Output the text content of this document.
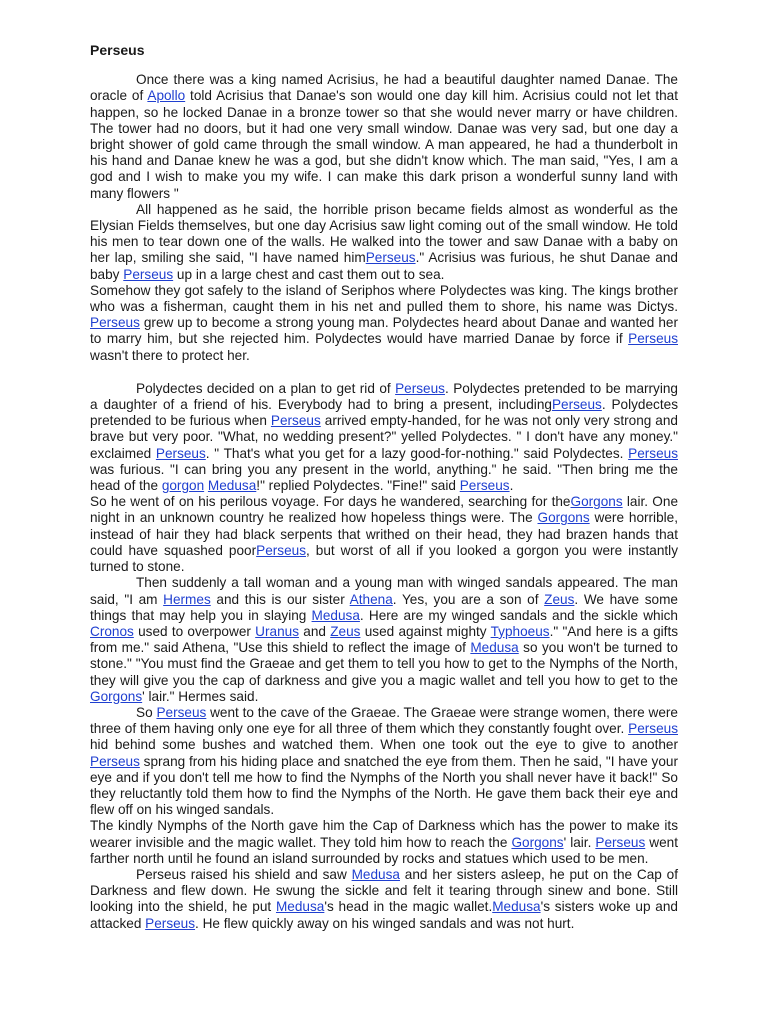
Perseus

Once there was a king named Acrisius, he had a beautiful daughter named Danae. The oracle of Apollo told Acrisius that Danae's son would one day kill him. Acrisius could not let that happen, so he locked Danae in a bronze tower so that she would never marry or have children. The tower had no doors, but it had one very small window. Danae was very sad, but one day a bright shower of gold came through the small window. A man appeared, he had a thunderbolt in his hand and Danae knew he was a god, but she didn't know which. The man said, "Yes, I am a god and I wish to make you my wife. I can make this dark prison a wonderful sunny land with many flowers "

All happened as he said, the horrible prison became fields almost as wonderful as the Elysian Fields themselves, but one day Acrisius saw light coming out of the small window. He told his men to tear down one of the walls. He walked into the tower and saw Danae with a baby on her lap, smiling she said, "I have named himPerseus." Acrisius was furious, he shut Danae and baby Perseus up in a large chest and cast them out to sea.

Somehow they got safely to the island of Seriphos where Polydectes was king. The kings brother who was a fisherman, caught them in his net and pulled them to shore, his name was Dictys. Perseus grew up to become a strong young man. Polydectes heard about Danae and wanted her to marry him, but she rejected him. Polydectes would have married Danae by force if Perseus wasn't there to protect her.

Polydectes decided on a plan to get rid of Perseus. Polydectes pretended to be marrying a daughter of a friend of his. Everybody had to bring a present, includingPerseus. Polydectes pretended to be furious when Perseus arrived empty-handed, for he was not only very strong and brave but very poor. "What, no wedding present?" yelled Polydectes. " I don't have any money." exclaimed Perseus. " That's what you get for a lazy good-for-nothing." said Polydectes. Perseus was furious. "I can bring you any present in the world, anything." he said. "Then bring me the head of the gorgon Medusa!" replied Polydectes. "Fine!" said Perseus.

So he went of on his perilous voyage. For days he wandered, searching for theGorgons lair. One night in an unknown country he realized how hopeless things were. The Gorgons were horrible, instead of hair they had black serpents that writhed on their head, they had brazen hands that could have squashed poorPerseus, but worst of all if you looked a gorgon you were instantly turned to stone.

Then suddenly a tall woman and a young man with winged sandals appeared. The man said, "I am Hermes and this is our sister Athena. Yes, you are a son of Zeus. We have some things that may help you in slaying Medusa. Here are my winged sandals and the sickle which Cronos used to overpower Uranus and Zeus used against mighty Typhoeus." "And here is a gifts from me." said Athena, "Use this shield to reflect the image of Medusa so you won't be turned to stone." "You must find the Graeae and get them to tell you how to get to the Nymphs of the North, they will give you the cap of darkness and give you a magic wallet and tell you how to get to the Gorgons' lair." Hermes said.

So Perseus went to the cave of the Graeae. The Graeae were strange women, there were three of them having only one eye for all three of them which they constantly fought over. Perseus hid behind some bushes and watched them. When one took out the eye to give to another Perseus sprang from his hiding place and snatched the eye from them. Then he said, "I have your eye and if you don't tell me how to find the Nymphs of the North you shall never have it back!" So they reluctantly told them how to find the Nymphs of the North. He gave them back their eye and flew off on his winged sandals.

The kindly Nymphs of the North gave him the Cap of Darkness which has the power to make its wearer invisible and the magic wallet. They told him how to reach the Gorgons' lair. Perseus went farther north until he found an island surrounded by rocks and statues which used to be men.

Perseus raised his shield and saw Medusa and her sisters asleep, he put on the Cap of Darkness and flew down. He swung the sickle and felt it tearing through sinew and bone. Still looking into the shield, he put Medusa's head in the magic wallet.Medusa's sisters woke up and attacked Perseus. He flew quickly away on his winged sandals and was not hurt.
